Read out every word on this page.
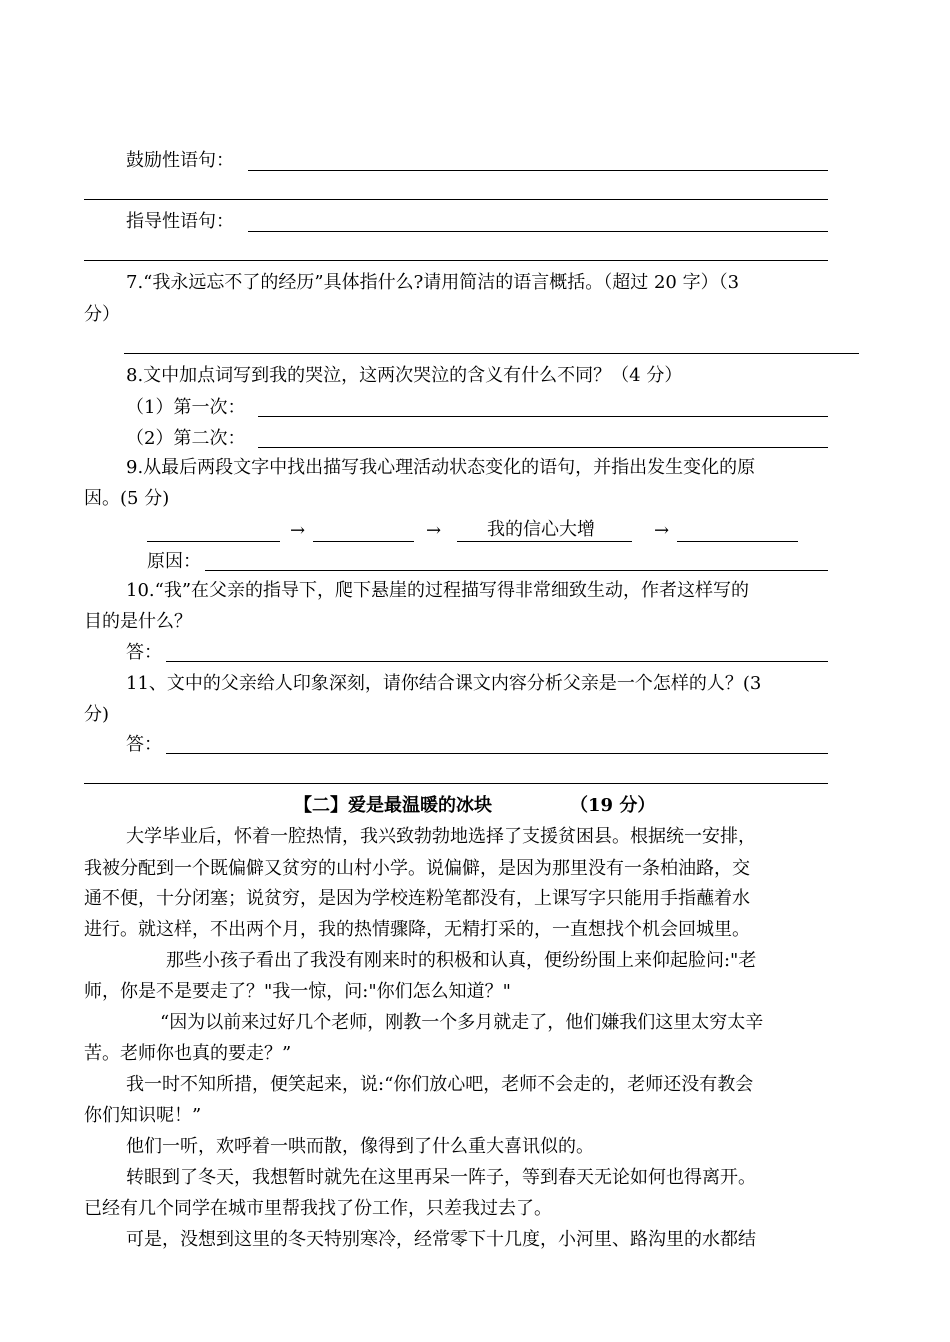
鼓励性语句：
指导性语句：
7.“我永远忘不了的经历”具体指什么?请用简洁的语言概括。（超过 20 字）（3
分）
8.文中加点词写到我的哭泣，这两次哭泣的含义有什么不同？（4 分）
（1）第一次：
（2）第二次：
9.从最后两段文字中找出描写我心理活动状态变化的语句，并指出发生变化的原
因。(5 分)
→	→	我的信心大增	→
原因：
10.“我”在父亲的指导下，爬下悬崖的过程描写得非常细致生动，作者这样写的
目的是什么？
答：
11、文中的父亲给人印象深刻，请你结合课文内容分析父亲是一个怎样的人？(3
分)
答：
【二】爱是最温暖的冰块	（19 分）
大学毕业后，怀着一腔热情，我兴致勃勃地选择了支援贫困县。根据统一安排，
我被分配到一个既偏僻又贫穷的山村小学。说偏僻，是因为那里没有一条柏油路，交
通不便，十分闭塞；说贫穷，是因为学校连粉笔都没有，上课写字只能用手指蘸着水
进行。就这样，不出两个月，我的热情骤降，无精打采的，一直想找个机会回城里。
那些小孩子看出了我没有刚来时的积极和认真，便纷纷围上来仰起脸问:"老
师，你是不是要走了？"我一惊，问:"你们怎么知道？"
“因为以前来过好几个老师，刚教一个多月就走了，他们嫌我们这里太穷太辛
苦。老师你也真的要走？”
我一时不知所措，便笑起来，说:“你们放心吧，老师不会走的，老师还没有教会
你们知识呢！”
他们一听，欢呼着一哄而散，像得到了什么重大喜讯似的。
转眼到了冬天，我想暂时就先在这里再呆一阵子，等到春天无论如何也得离开。
已经有几个同学在城市里帮我找了份工作，只差我过去了。
可是，没想到这里的冬天特别寒冷，经常零下十几度，小河里、路沟里的水都结
